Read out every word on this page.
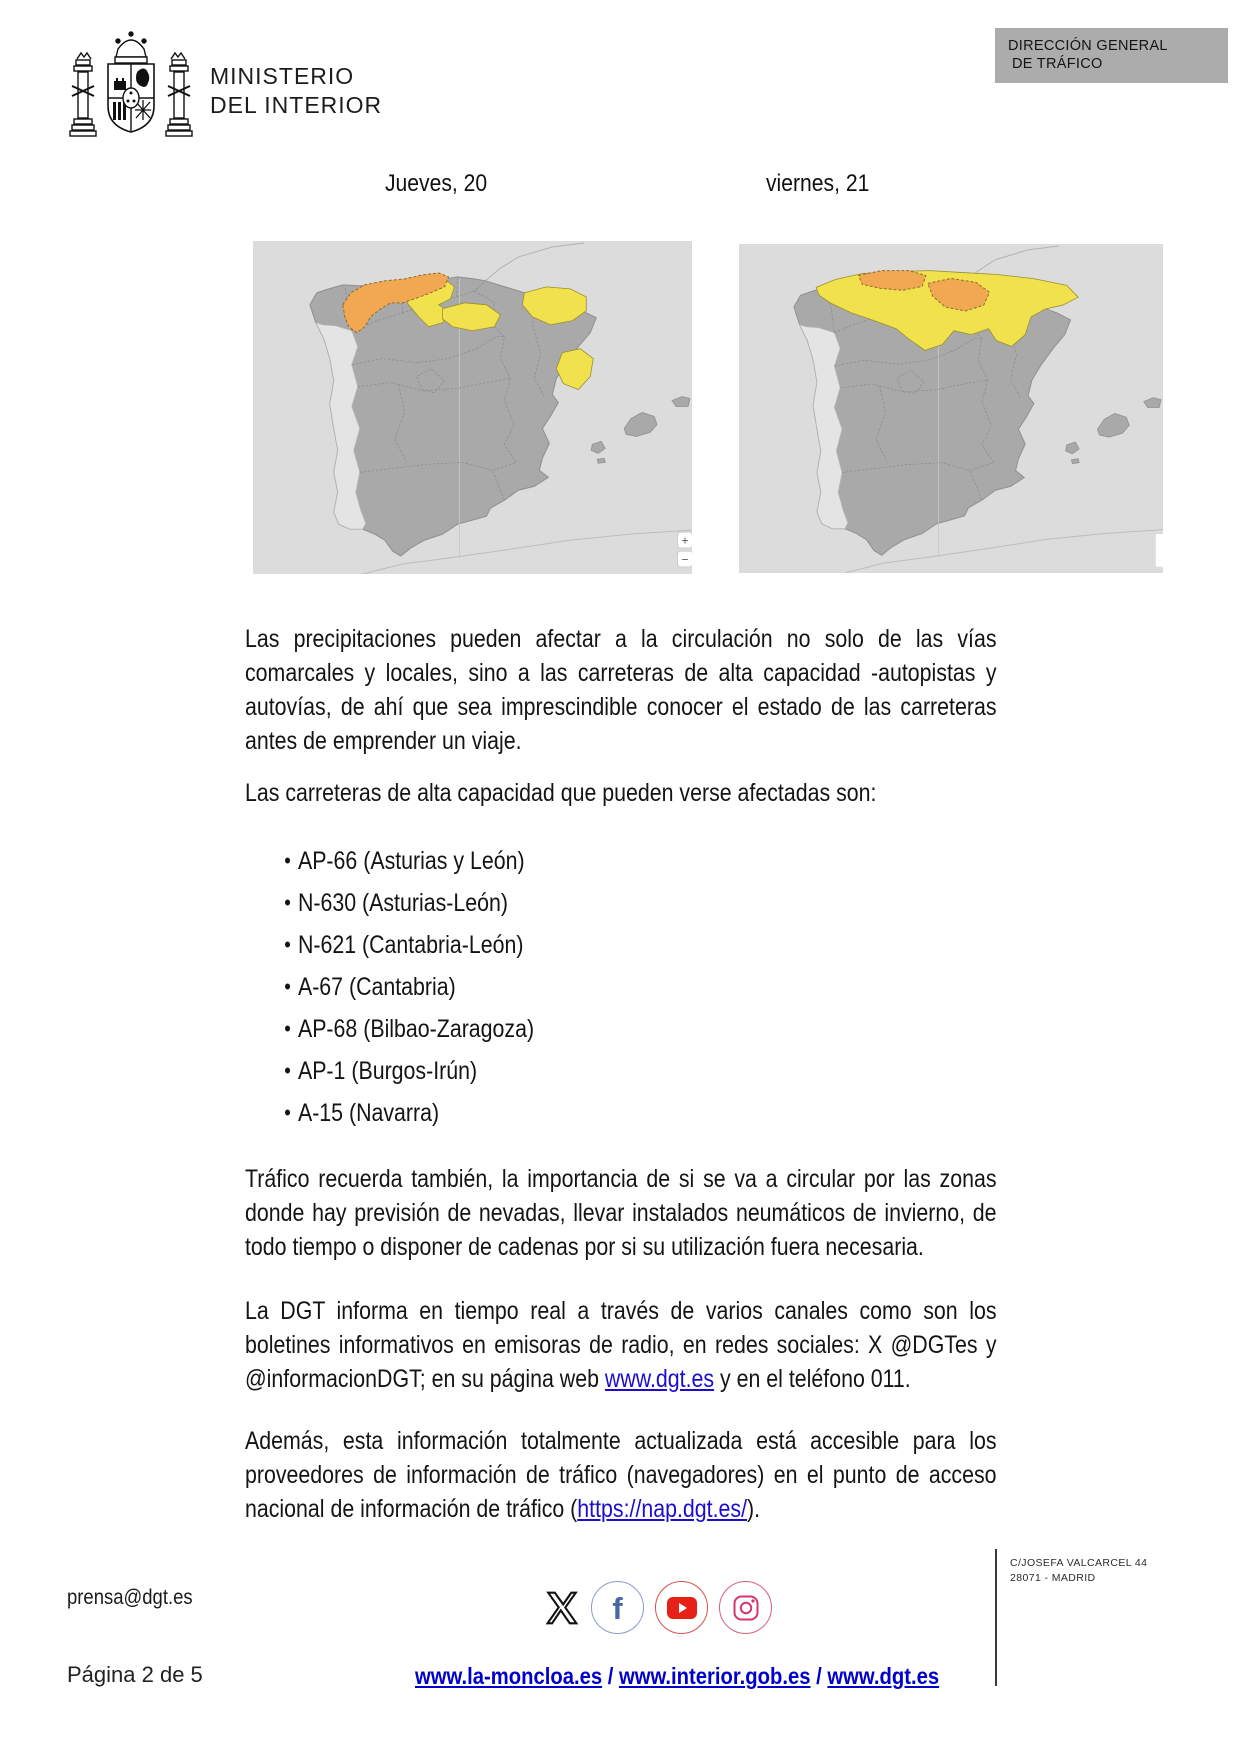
MINISTERIO
DEL INTERIOR
DIRECCIÓN GENERAL
DE TRÁFICO
Jueves, 20	viernes, 21
+
−

Las precipitaciones pueden afectar a la circulación no solo de las vías comarcales y locales, sino a las carreteras de alta capacidad -autopistas y autovías, de ahí que sea imprescindible conocer el estado de las carreteras antes de emprender un viaje.

Las carreteras de alta capacidad que pueden verse afectadas son:

• AP-66 (Asturias y León)
• N-630 (Asturias-León)
• N-621 (Cantabria-León)
• A-67 (Cantabria)
• AP-68 (Bilbao-Zaragoza)
• AP-1 (Burgos-Irún)
• A-15 (Navarra)

Tráfico recuerda también, la importancia de si se va a circular por las zonas donde hay previsión de nevadas, llevar instalados neumáticos de invierno, de todo tiempo o disponer de cadenas por si su utilización fuera necesaria.

La DGT informa en tiempo real a través de varios canales como son los boletines informativos en emisoras de radio, en redes sociales: X @DGTes y @informacionDGT; en su página web www.dgt.es y en el teléfono 011.

Además, esta información totalmente actualizada está accesible para los proveedores de información de tráfico (navegadores) en el punto de acceso nacional de información de tráfico (https://nap.dgt.es/).

prensa@dgt.es
Página 2 de 5
f
C/JOSEFA VALCARCEL 44
28071 - MADRID
www.la-moncloa.es / www.interior.gob.es / www.dgt.es
